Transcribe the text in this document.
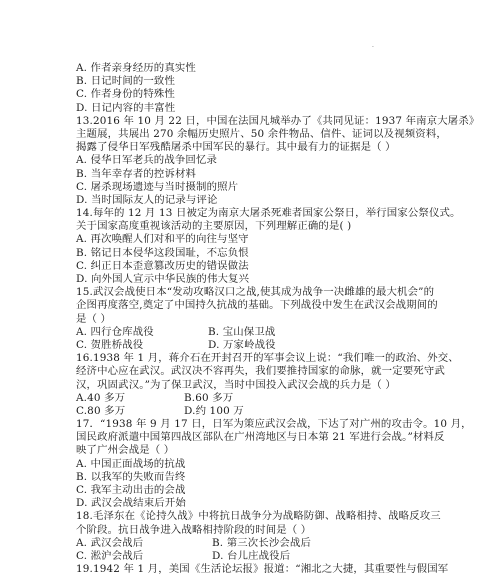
·
A. 作者亲身经历的真实性
B. 日记时间的一致性
C. 作者身份的特殊性
D. 日记内容的丰富性
13.2016 年 10 月 22 日，中国在法国凡城举办了《共同见证：1937 年南京大屠杀》
主题展，共展出 270 余幅历史照片、50 余件物品、信件、证词以及视频资料，
揭露了侵华日军残酷屠杀中国军民的暴行。其中最有力的证据是（ ）
A. 侵华日军老兵的战争回忆录
B. 当年幸存者的控诉材料
C. 屠杀现场遗迹与当时摄制的照片
D. 当时国际友人的记录与评论
14.每年的 12 月 13 日被定为南京大屠杀死难者国家公祭日，举行国家公祭仪式。
关于国家高度重视该活动的主要原因，下列理解正确的是( )
A. 再次唤醒人们对和平的向往与坚守
B. 铭记日本侵华这段国耻，不忘负恨
C. 纠正日本歪意篡改历史的错误做法
D. 向外国人宣示中华民族的伟大复兴
15.武汉会战使日本“发动攻略汉口之战,使其成为战争一决雌雄的最大机会”的
企图再度落空,奠定了中国持久抗战的基础。下列战役中发生在武汉会战期间的
是（ ）
A. 四行仓库战役	B. 宝山保卫战
C. 贺胜桥战役	D. 万家岭战役
16.1938 年 1 月，蒋介石在开封召开的军事会议上说：“我们唯一的政治、外交、
经济中心应在武汉。武汉决不容再失，我们要推持国家的命脉，就一定要死守武
汉，巩固武汉。”为了保卫武汉，当时中国投入武汉会战的兵力是（ ）
A.40 多万	B.60 多万
C.80 多万	D.约 100 万
17．“1938 年 9 月 17 日，日军为策应武汉会战，下达了对广州的攻击令。10 月，
国民政府派遣中国第四战区部队在广州湾地区与日本第 21 军进行会战。”材料反
映了广州会战是（ ）
A. 中国正面战场的抗战
B. 以我军的失败而告终
C. 我军主动出击的会战
D. 武汉会战结束后开始
18.毛泽东在《论持久战》中将抗日战争分为战略防御、战略相持、战略反攻三
个阶段。抗日战争进入战略相持阶段的时间是（ ）
A. 武汉会战后	B. 第三次长沙会战后
C. 淞沪会战后	D. 台儿庄战役后
19.1942 年 1 月，美国《生活论坛报》报道：“湘北之大捷，其重要性与假国军
